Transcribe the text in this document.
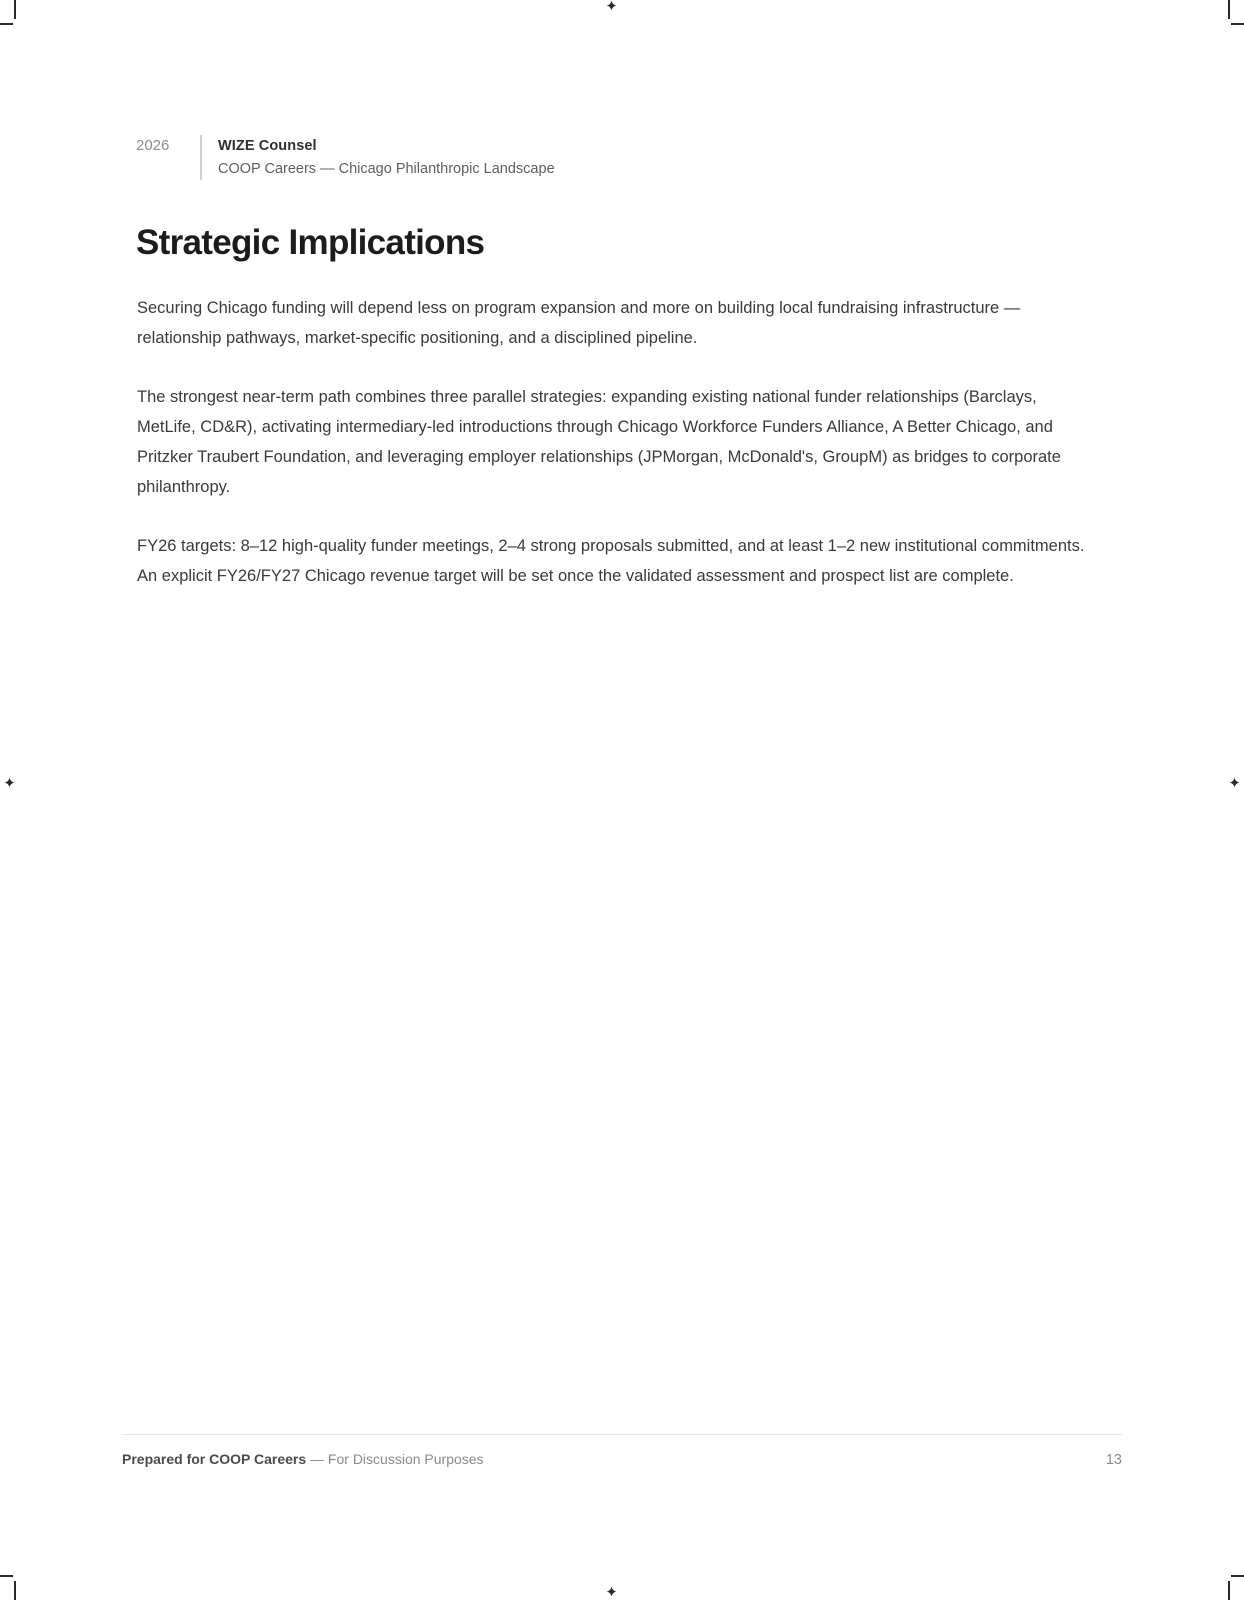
✦
✦
✦	✦
2026	WIZE Counsel
COOP Careers — Chicago Philanthropic Landscape
Strategic Implications

Securing Chicago funding will depend less on program expansion and more on building local fundraising infrastructure — relationship pathways, market-specific positioning, and a disciplined pipeline.

The strongest near-term path combines three parallel strategies: expanding existing national funder relationships (Barclays, MetLife, CD&R), activating intermediary-led introductions through Chicago Workforce Funders Alliance, A Better Chicago, and Pritzker Traubert Foundation, and leveraging employer relationships (JPMorgan, McDonald's, GroupM) as bridges to corporate philanthropy.

FY26 targets: 8–12 high-quality funder meetings, 2–4 strong proposals submitted, and at least 1–2 new institutional commitments. An explicit FY26/FY27 Chicago revenue target will be set once the validated assessment and prospect list are complete.

Prepared for COOP Careers — For Discussion Purposes	13
